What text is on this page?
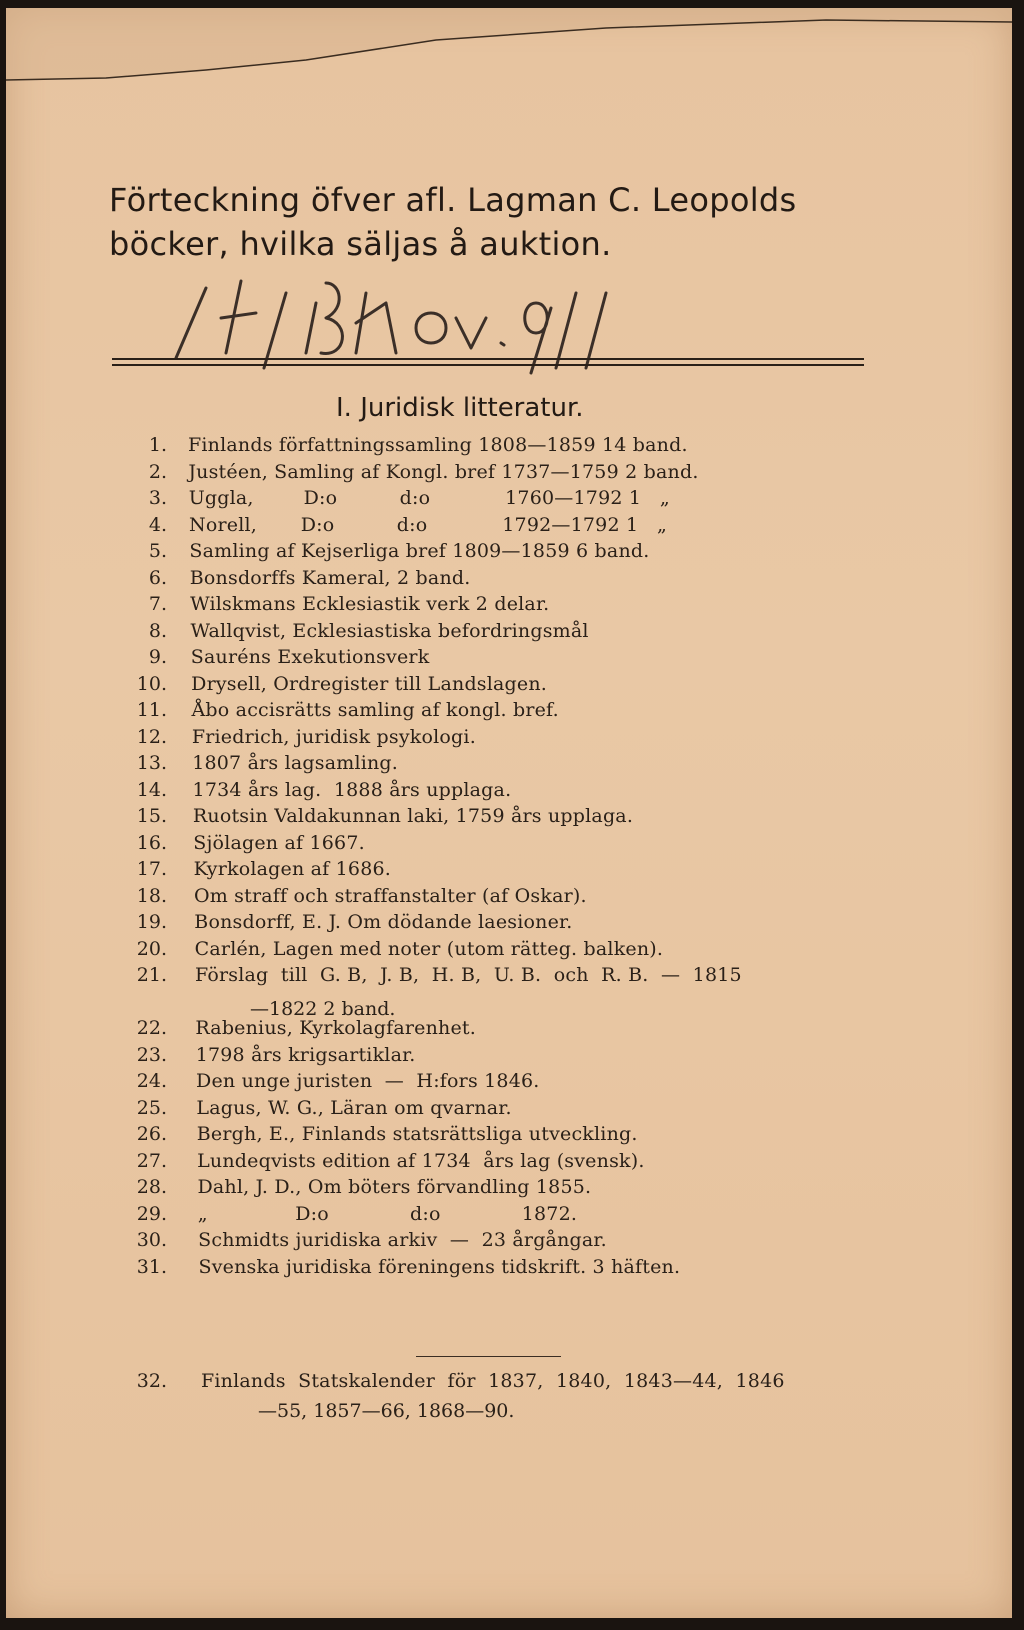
Förteckning öfver afl. Lagman C. Leopolds
böcker, hvilka säljas å auktion.
I. Juridisk litteratur.
1. Finlands författningssamling 1808—1859 14 band.
2. Justéen, Samling af Kongl. bref 1737—1759 2 band.
3. Uggla,        D:o          d:o            1760—1792 1   „
4. Norell,       D:o          d:o            1792—1792 1   „
5. Samling af Kejserliga bref 1809—1859 6 band.
6. Bonsdorffs Kameral, 2 band.
7. Wilskmans Ecklesiastik verk 2 delar.
8. Wallqvist, Ecklesiastiska befordringsmål
9. Sauréns Exekutionsverk
10. Drysell, Ordregister till Landslagen.
11. Åbo accisrätts samling af kongl. bref.
12. Friedrich, juridisk psykologi.
13. 1807 års lagsamling.
14. 1734 års lag.  1888 års upplaga.
15. Ruotsin Valdakunnan laki, 1759 års upplaga.
16. Sjölagen af 1667.
17. Kyrkolagen af 1686.
18. Om straff och straffanstalter (af Oskar).
19. Bonsdorff, E. J. Om dödande laesioner.
20. Carlén, Lagen med noter (utom rätteg. balken).
21. Förslag  till  G. B,  J. B,  H. B,  U. B.  och  R. B.  —  1815
22. Rabenius, Kyrkolagfarenhet.
23. 1798 års krigsartiklar.
24. Den unge juristen  —  H:fors 1846.
25. Lagus, W. G., Läran om qvarnar.
26. Bergh, E., Finlands statsrättsliga utveckling.
27. Lundeqvists edition af 1734  års lag (svensk).
28. Dahl, J. D., Om böters förvandling 1855.
29. „              D:o             d:o             1872.
30. Schmidts juridiska arkiv  —  23 årgångar.
31. Svenska juridiska föreningens tidskrift. 3 häften.
32. Finlands  Statskalender  för  1837,  1840,  1843—44,  1846
—1822 2 band.
—55, 1857—66, 1868—90.
